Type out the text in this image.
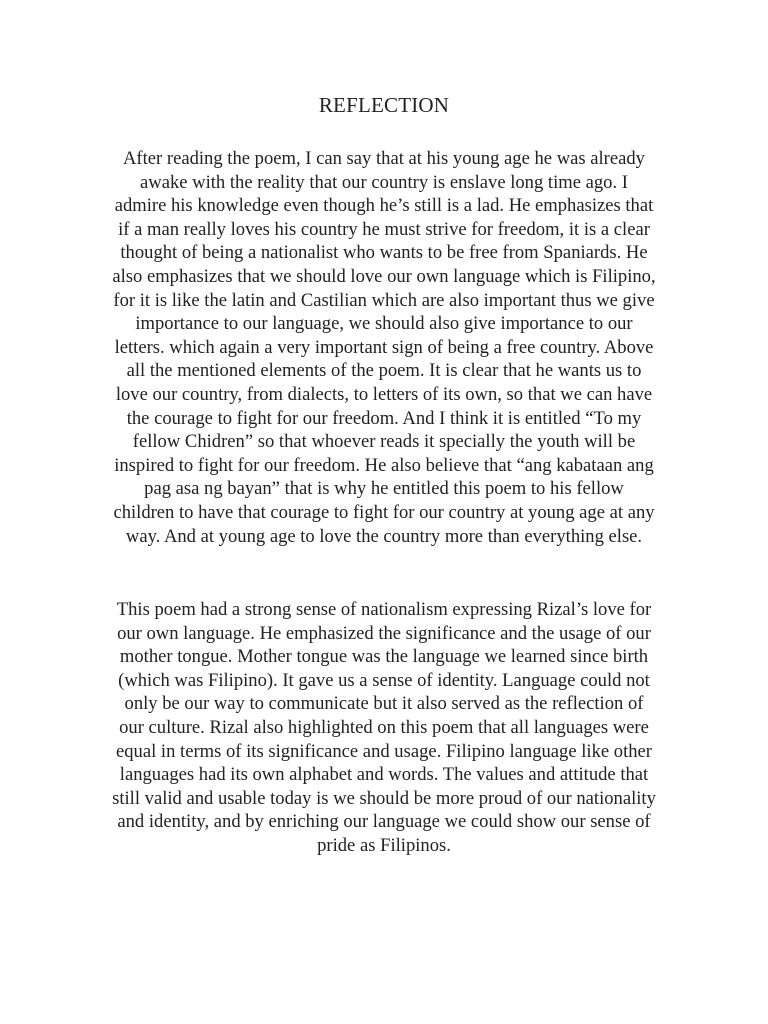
REFLECTION
After reading the poem, I can say that at his young age he was already
awake with the reality that our country is enslave long time ago. I
admire his knowledge even though he’s still is a lad. He emphasizes that
if a man really loves his country he must strive for freedom, it is a clear
thought of being a nationalist who wants to be free from Spaniards. He
also emphasizes that we should love our own language which is Filipino,
for it is like the latin and Castilian which are also important thus we give
importance to our language, we should also give importance to our
letters. which again a very important sign of being a free country. Above
all the mentioned elements of the poem. It is clear that he wants us to
love our country, from dialects, to letters of its own, so that we can have
the courage to fight for our freedom. And I think it is entitled “To my
fellow Chidren” so that whoever reads it specially the youth will be
inspired to fight for our freedom. He also believe that “ang kabataan ang
pag asa ng bayan” that is why he entitled this poem to his fellow
children to have that courage to fight for our country at young age at any
way. And at young age to love the country more than everything else.
This poem had a strong sense of nationalism expressing Rizal’s love for
our own language. He emphasized the significance and the usage of our
mother tongue. Mother tongue was the language we learned since birth
(which was Filipino). It gave us a sense of identity. Language could not
only be our way to communicate but it also served as the reflection of
our culture. Rizal also highlighted on this poem that all languages were
equal in terms of its significance and usage. Filipino language like other
languages had its own alphabet and words. The values and attitude that
still valid and usable today is we should be more proud of our nationality
and identity, and by enriching our language we could show our sense of
pride as Filipinos.
